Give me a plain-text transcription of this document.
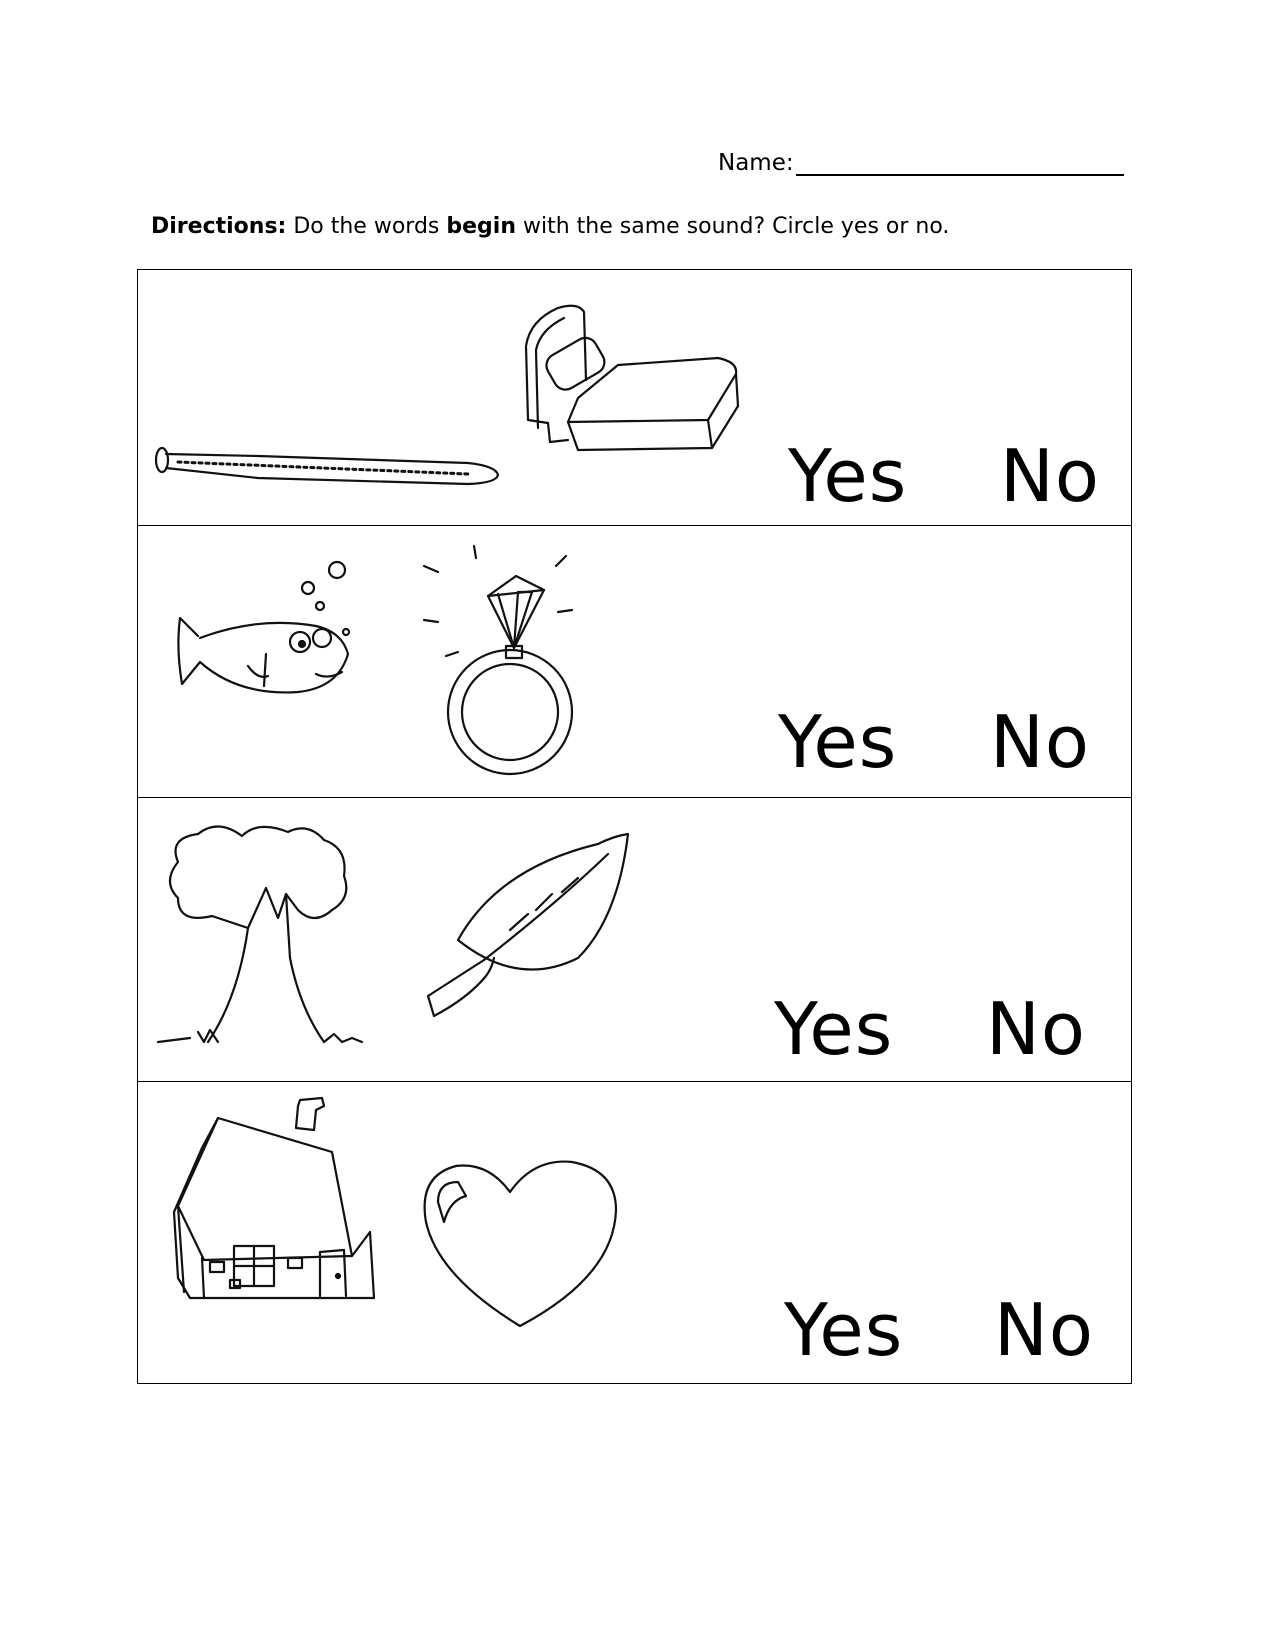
Name:
Directions: Do the words begin with the same sound? Circle yes or no.
Yes No
Yes No
Yes No
Yes No
